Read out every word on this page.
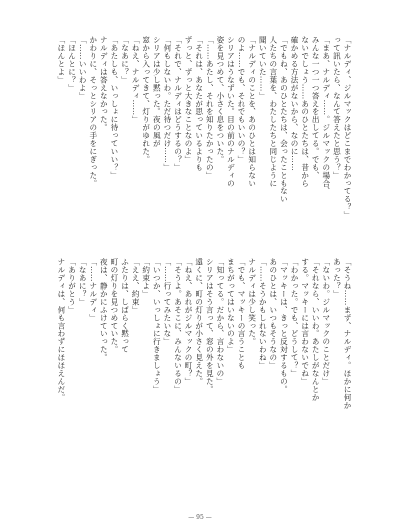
「ナルディ、ジルマックはどこまでわかってる？」
って訊いたら、なんて答えたと思う？」
「まあ、ナルディ……。ジルマックの場合、
みんな一つ一つ答えを出してる。でも、
ないでしょう……あのひとたちは、昔から
確かめる方法がないから、なのに……
「でもね、あのひとたちは、会ったこともない
人たちの言葉を、わたしたちと同じように
聞いていた……」
「ナルディのことを、あのひとは知らない
のよ……でも、それでもいいの？」
シリアはうなずいた。目の前のナルディの
姿を見つめて、小さく息をついた。
「……あたし、それを知りたかったの」
「それは、あなたが思っているよりも
ずっと、ずっと大きなことなのよ」
「それで、ナルディはどうするの？」
「何もしないわ。ただ待つだけ……」
シリアは少し黙った。夜の風が
窓から入ってきて、灯りがゆれた。
「ねえ、ナルディ……」
「なあに？」
「あたしも、いっしょに待っていい？」
ナルディは答えなかった。
かわりに、そっとシリアの手をにぎった。
「……いいわよ」
「ほんとに？」
「ほんとよ」
「そうね……まず、ナルディ。ほかに何か
あった？」
「ないわ。ジルマックのことだけ」
「それなら、いいわ。あたしがなんとか
する。マッキーには言わないでね」
「わかった。でも、どうして？」
「マッキーは、きっと反対するもの。
あのひとは、いつもそうなの」
「……そうかもしれないわね」
ナルディは少し笑った。
「でも、マッキーの言うことも
まちがってはいないのよ」
「知ってる。だから、言わないの」
シリアはそう言って、窓の外を見た。
遠くに、町の灯りが小さく見えた。
「ねえ、あれがジルマックの町？」
「そうよ。あそこに、みんないるの」
「……行ってみたいな」
「いつか、いっしょに行きましょう」
「約束よ」
「ええ、約束」
ふたりは、しばらく黙って
町の灯りを見つめていた。
夜は、静かにふけていった。
「……ナルディ」
「なあに？」
「ありがとう」
ナルディは、何も言わずにほほえんだ。
— 95 —
